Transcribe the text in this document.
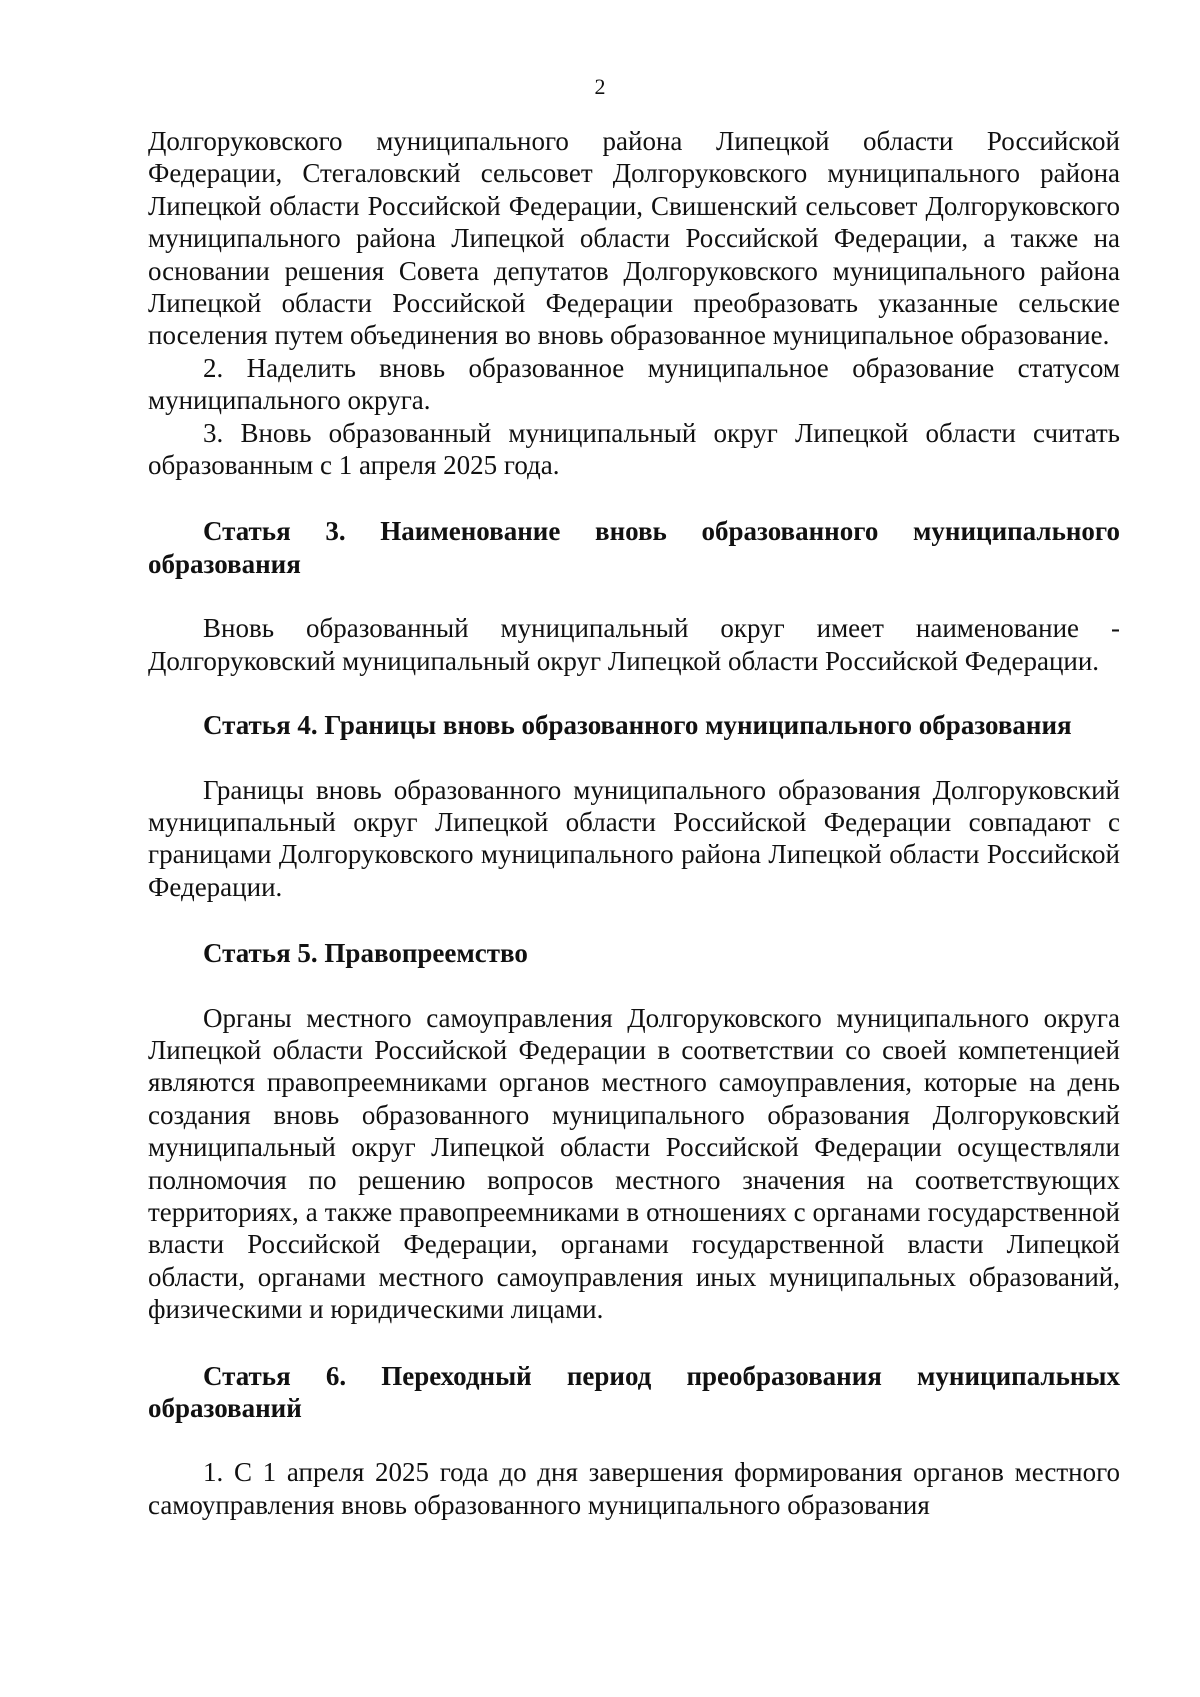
2

Долгоруковского муниципального района Липецкой области Российской Федерации, Стегаловский сельсовет Долгоруковского муниципального района Липецкой области Российской Федерации, Свишенский сельсовет Долгоруковского муниципального района Липецкой области Российской Федерации, а также на основании решения Совета депутатов Долгоруковского муниципального района Липецкой области Российской Федерации преобразовать указанные сельские поселения путем объединения во вновь образованное муниципальное образование.

2. Наделить вновь образованное муниципальное образование статусом муниципального округа.

3. Вновь образованный муниципальный округ Липецкой области считать образованным с 1 апреля 2025 года.

Статья 3. Наименование вновь образованного муниципального образования

Вновь образованный муниципальный округ имеет наименование - Долгоруковский муниципальный округ Липецкой области Российской Федерации.

Статья 4. Границы вновь образованного муниципального образования

Границы вновь образованного муниципального образования Долгоруковский муниципальный округ Липецкой области Российской Федерации совпадают с границами Долгоруковского муниципального района Липецкой области Российской Федерации.

Статья 5. Правопреемство

Органы местного самоуправления Долгоруковского муниципального округа Липецкой области Российской Федерации в соответствии со своей компетенцией являются правопреемниками органов местного самоуправления, которые на день создания вновь образованного муниципального образования Долгоруковский муниципальный округ Липецкой области Российской Федерации осуществляли полномочия по решению вопросов местного значения на соответствующих территориях, а также правопреемниками в отношениях с органами государственной власти Российской Федерации, органами государственной власти Липецкой области, органами местного самоуправления иных муниципальных образований, физическими и юридическими лицами.

Статья 6. Переходный период преобразования муниципальных образований

1. С 1 апреля 2025 года до дня завершения формирования органов местного самоуправления вновь образованного муниципального образования
